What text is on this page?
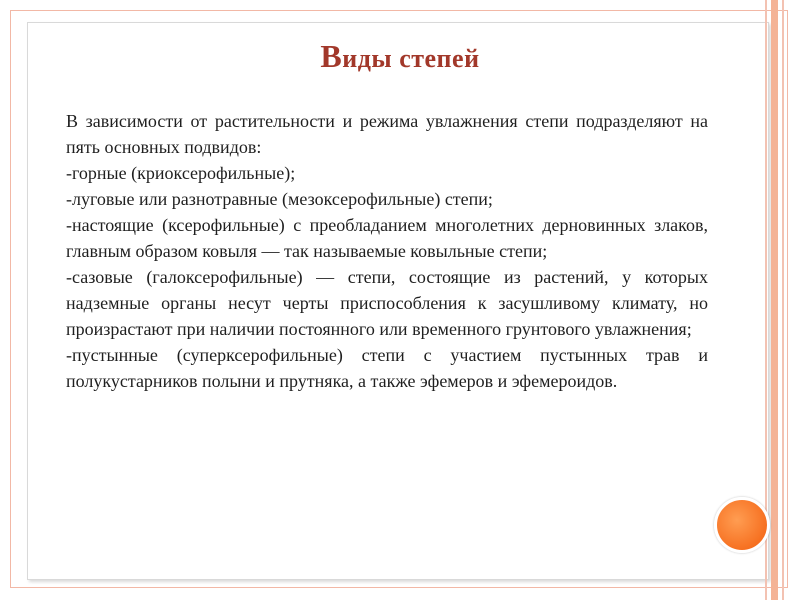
Виды степей

В зависимости от растительности и режима увлажнения степи подразделяют на пять основных подвидов:

-горные (криоксерофильные);

-луговые или разнотравные (мезоксерофильные) степи;

-настоящие (ксерофильные) с преобладанием многолетних дерновинных злаков, главным образом ковыля — так называемые ковыльные степи;

-сазовые (галоксерофильные) — степи, состоящие из растений, у которых надземные органы несут черты приспособления к засушливому климату, но произрастают при наличии постоянного или временного грунтового увлажнения;

-пустынные (суперксерофильные) степи с участием пустынных трав и полукустарников полыни и прутняка, а также эфемеров и эфемероидов.
